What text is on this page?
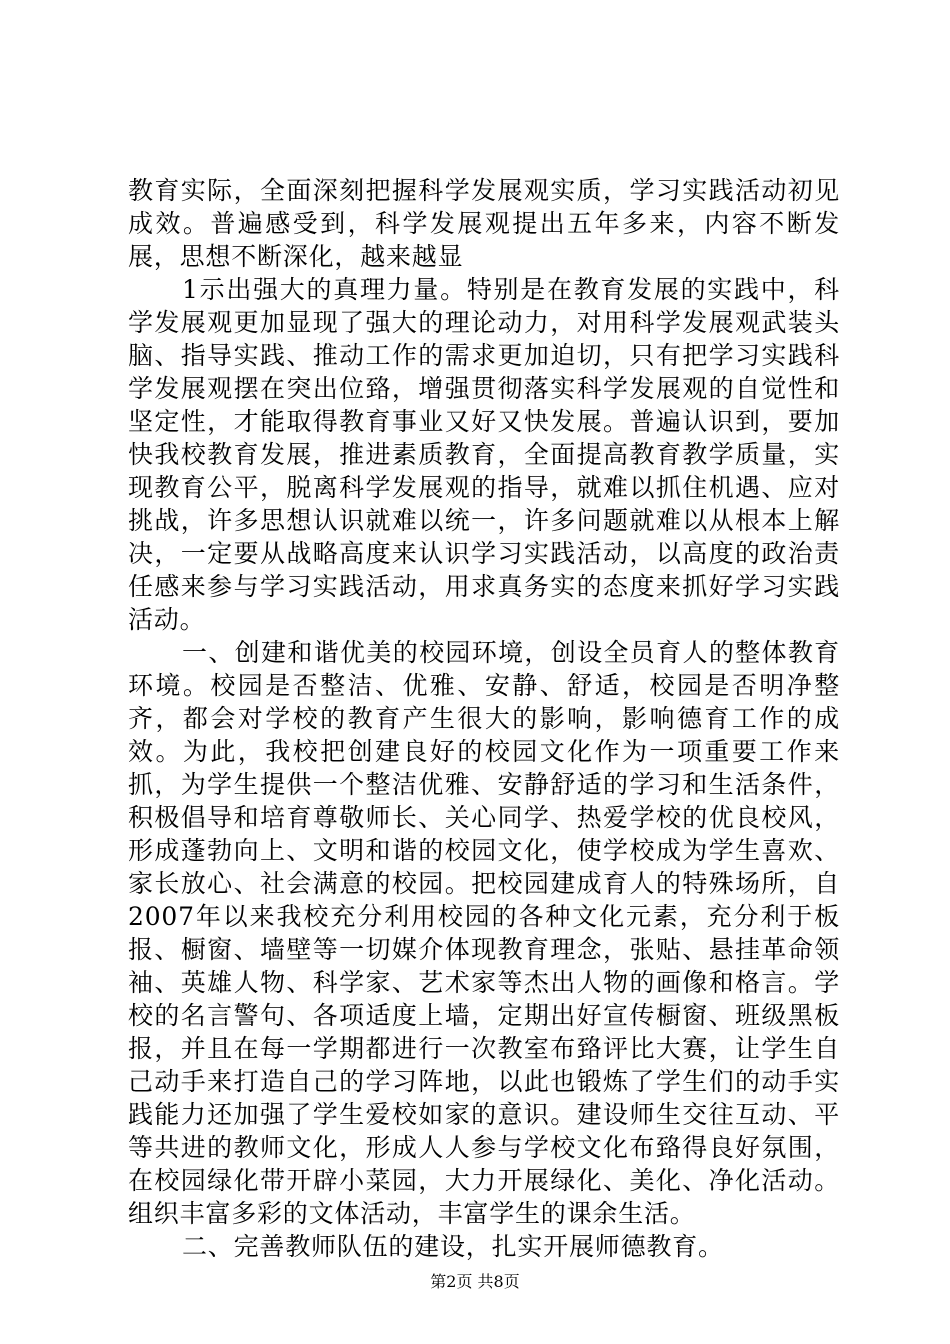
教育实际，全面深刻把握科学发展观实质，学习实践活动初见成效。普遍感受到，科学发展观提出五年多来，内容不断发展，思想不断深化，越来越显

1示出强大的真理力量。特别是在教育发展的实践中，科学发展观更加显现了强大的理论动力，对用科学发展观武装头脑、指导实践、推动工作的需求更加迫切，只有把学习实践科学发展观摆在突出位臵，增强贯彻落实科学发展观的自觉性和坚定性，才能取得教育事业又好又快发展。普遍认识到，要加快我校教育发展，推进素质教育，全面提高教育教学质量，实现教育公平，脱离科学发展观的指导，就难以抓住机遇、应对挑战，许多思想认识就难以统一，许多问题就难以从根本上解决，一定要从战略高度来认识学习实践活动，以高度的政治责任感来参与学习实践活动，用求真务实的态度来抓好学习实践活动。

一、创建和谐优美的校园环境，创设全员育人的整体教育环境。校园是否整洁、优雅、安静、舒适，校园是否明净整齐，都会对学校的教育产生很大的影响，影响德育工作的成效。为此，我校把创建良好的校园文化作为一项重要工作来抓，为学生提供一个整洁优雅、安静舒适的学习和生活条件，积极倡导和培育尊敬师长、关心同学、热爱学校的优良校风，形成蓬勃向上、文明和谐的校园文化，使学校成为学生喜欢、家长放心、社会满意的校园。把校园建成育人的特殊场所，自2007年以来我校充分利用校园的各种文化元素，充分利于板报、橱窗、墙壁等一切媒介体现教育理念，张贴、悬挂革命领袖、英雄人物、科学家、艺术家等杰出人物的画像和格言。学校的名言警句、各项适度上墙，定期出好宣传橱窗、班级黑板报，并且在每一学期都进行一次教室布臵评比大赛，让学生自己动手来打造自己的学习阵地，以此也锻炼了学生们的动手实践能力还加强了学生爱校如家的意识。建设师生交往互动、平等共进的教师文化，形成人人参与学校文化布臵得良好氛围，在校园绿化带开辟小菜园，大力开展绿化、美化、净化活动。组织丰富多彩的文体活动，丰富学生的课余生活。

二、完善教师队伍的建设，扎实开展师德教育。

第2页 共8页
